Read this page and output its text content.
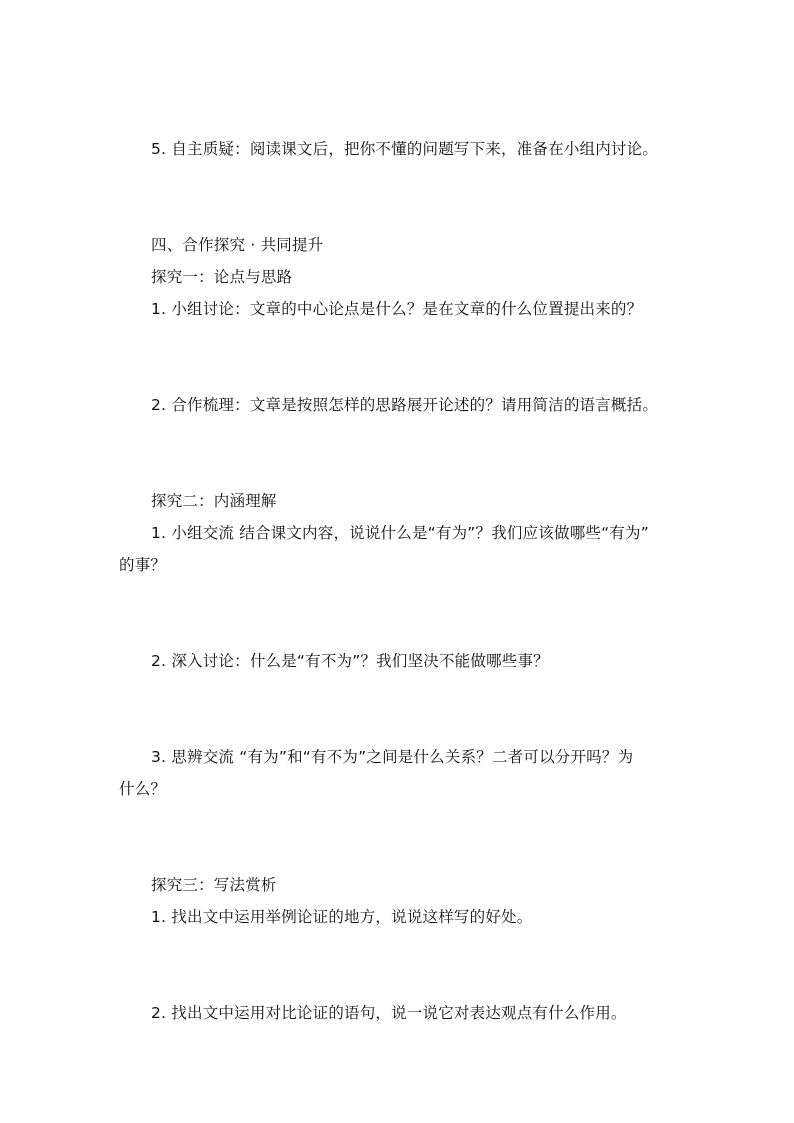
5. 自主质疑：阅读课文后，把你不懂的问题写下来，准备在小组内讨论。
四、合作探究 · 共同提升
探究一：论点与思路
1. 小组讨论：文章的中心论点是什么？是在文章的什么位置提出来的？
2. 合作梳理：文章是按照怎样的思路展开论述的？请用简洁的语言概括。
探究二：内涵理解
1. 小组交流 结合课文内容，说说什么是“有为”？我们应该做哪些“有为”
的事？
2. 深入讨论：什么是“有不为”？我们坚决不能做哪些事？
3. 思辨交流 “有为”和“有不为”之间是什么关系？二者可以分开吗？为
什么？
探究三：写法赏析
1. 找出文中运用举例论证的地方，说说这样写的好处。
2. 找出文中运用对比论证的语句，说一说它对表达观点有什么作用。
